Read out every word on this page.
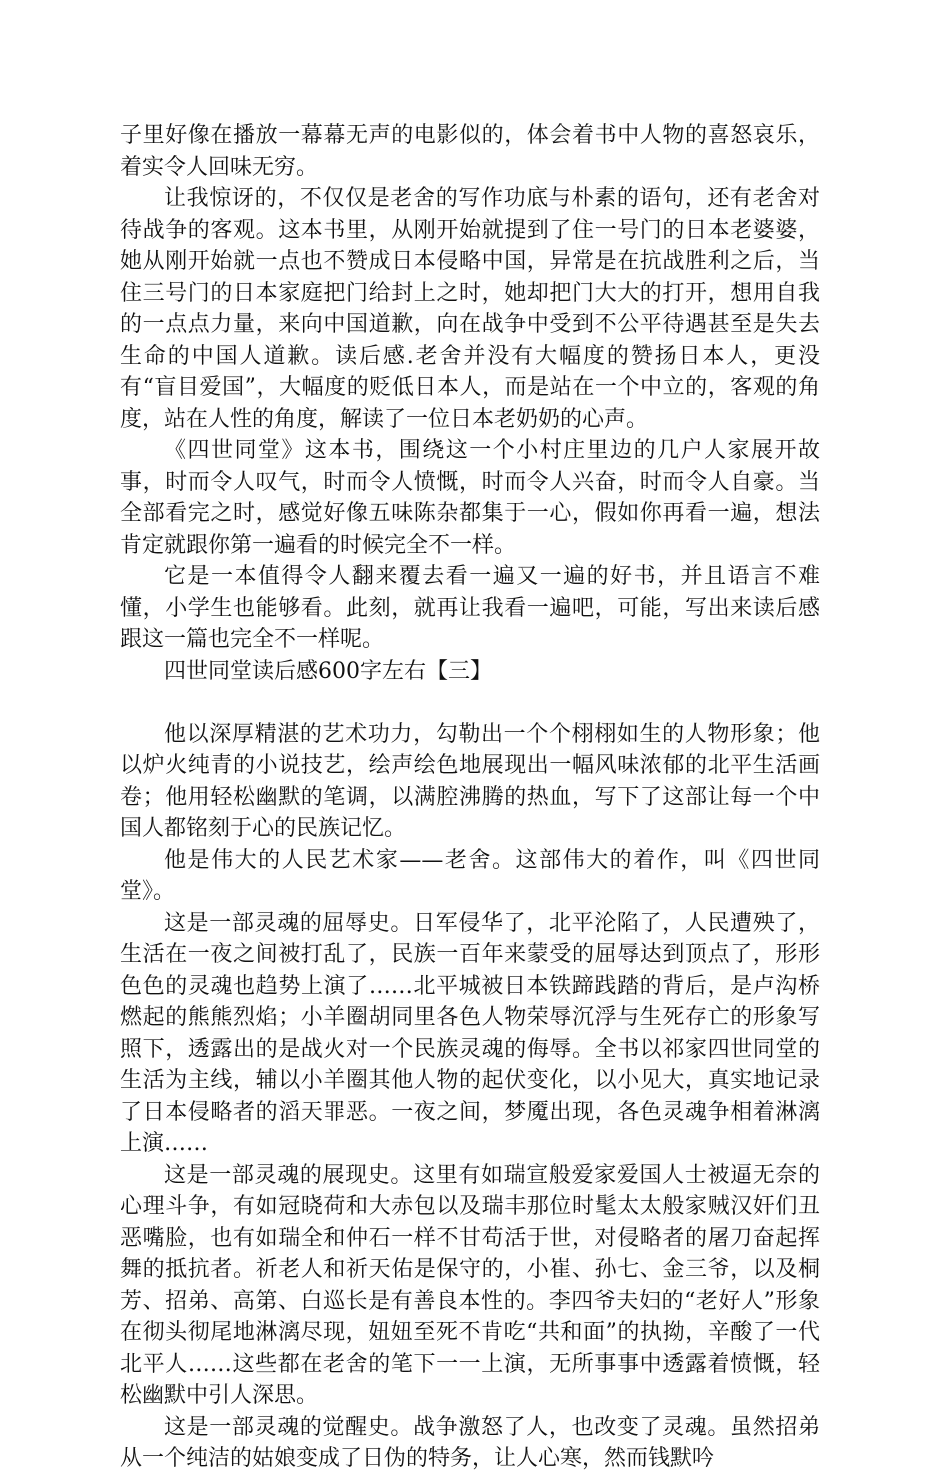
子里好像在播放一幕幕无声的电影似的，体会着书中人物的喜怒哀乐，着实令人回味无穷。

让我惊讶的，不仅仅是老舍的写作功底与朴素的语句，还有老舍对待战争的客观。这本书里，从刚开始就提到了住一号门的日本老婆婆，她从刚开始就一点也不赞成日本侵略中国，异常是在抗战胜利之后，当住三号门的日本家庭把门给封上之时，她却把门大大的打开，想用自我的一点点力量，来向中国道歉，向在战争中受到不公平待遇甚至是失去生命的中国人道歉。读后感.老舍并没有大幅度的赞扬日本人，更没有“盲目爱国”，大幅度的贬低日本人，而是站在一个中立的，客观的角度，站在人性的角度，解读了一位日本老奶奶的心声。

《四世同堂》这本书，围绕这一个小村庄里边的几户人家展开故事，时而令人叹气，时而令人愤慨，时而令人兴奋，时而令人自豪。当全部看完之时，感觉好像五味陈杂都集于一心，假如你再看一遍，想法肯定就跟你第一遍看的时候完全不一样。

它是一本值得令人翻来覆去看一遍又一遍的好书，并且语言不难懂，小学生也能够看。此刻，就再让我看一遍吧，可能，写出来读后感跟这一篇也完全不一样呢。

四世同堂读后感600字左右【三】

他以深厚精湛的艺术功力，勾勒出一个个栩栩如生的人物形象；他以炉火纯青的小说技艺，绘声绘色地展现出一幅风味浓郁的北平生活画卷；他用轻松幽默的笔调，以满腔沸腾的热血，写下了这部让每一个中国人都铭刻于心的民族记忆。

他是伟大的人民艺术家——老舍。这部伟大的着作，叫《四世同堂》。

这是一部灵魂的屈辱史。日军侵华了，北平沦陷了，人民遭殃了，生活在一夜之间被打乱了，民族一百年来蒙受的屈辱达到顶点了，形形色色的灵魂也趋势上演了……北平城被日本铁蹄践踏的背后，是卢沟桥燃起的熊熊烈焰；小羊圈胡同里各色人物荣辱沉浮与生死存亡的形象写照下，透露出的是战火对一个民族灵魂的侮辱。全书以祁家四世同堂的生活为主线，辅以小羊圈其他人物的起伏变化，以小见大，真实地记录了日本侵略者的滔天罪恶。一夜之间，梦魇出现，各色灵魂争相着淋漓上演……

这是一部灵魂的展现史。这里有如瑞宣般爱家爱国人士被逼无奈的心理斗争，有如冠晓荷和大赤包以及瑞丰那位时髦太太般家贼汉奸们丑恶嘴脸，也有如瑞全和仲石一样不甘苟活于世，对侵略者的屠刀奋起挥舞的抵抗者。祈老人和祈天佑是保守的，小崔、孙七、金三爷，以及桐芳、招弟、高第、白巡长是有善良本性的。李四爷夫妇的“老好人”形象在彻头彻尾地淋漓尽现，妞妞至死不肯吃“共和面”的执拗，辛酸了一代北平人……这些都在老舍的笔下一一上演，无所事事中透露着愤慨，轻松幽默中引人深思。

这是一部灵魂的觉醒史。战争激怒了人，也改变了灵魂。虽然招弟从一个纯洁的姑娘变成了日伪的特务，让人心寒，然而钱默吟
